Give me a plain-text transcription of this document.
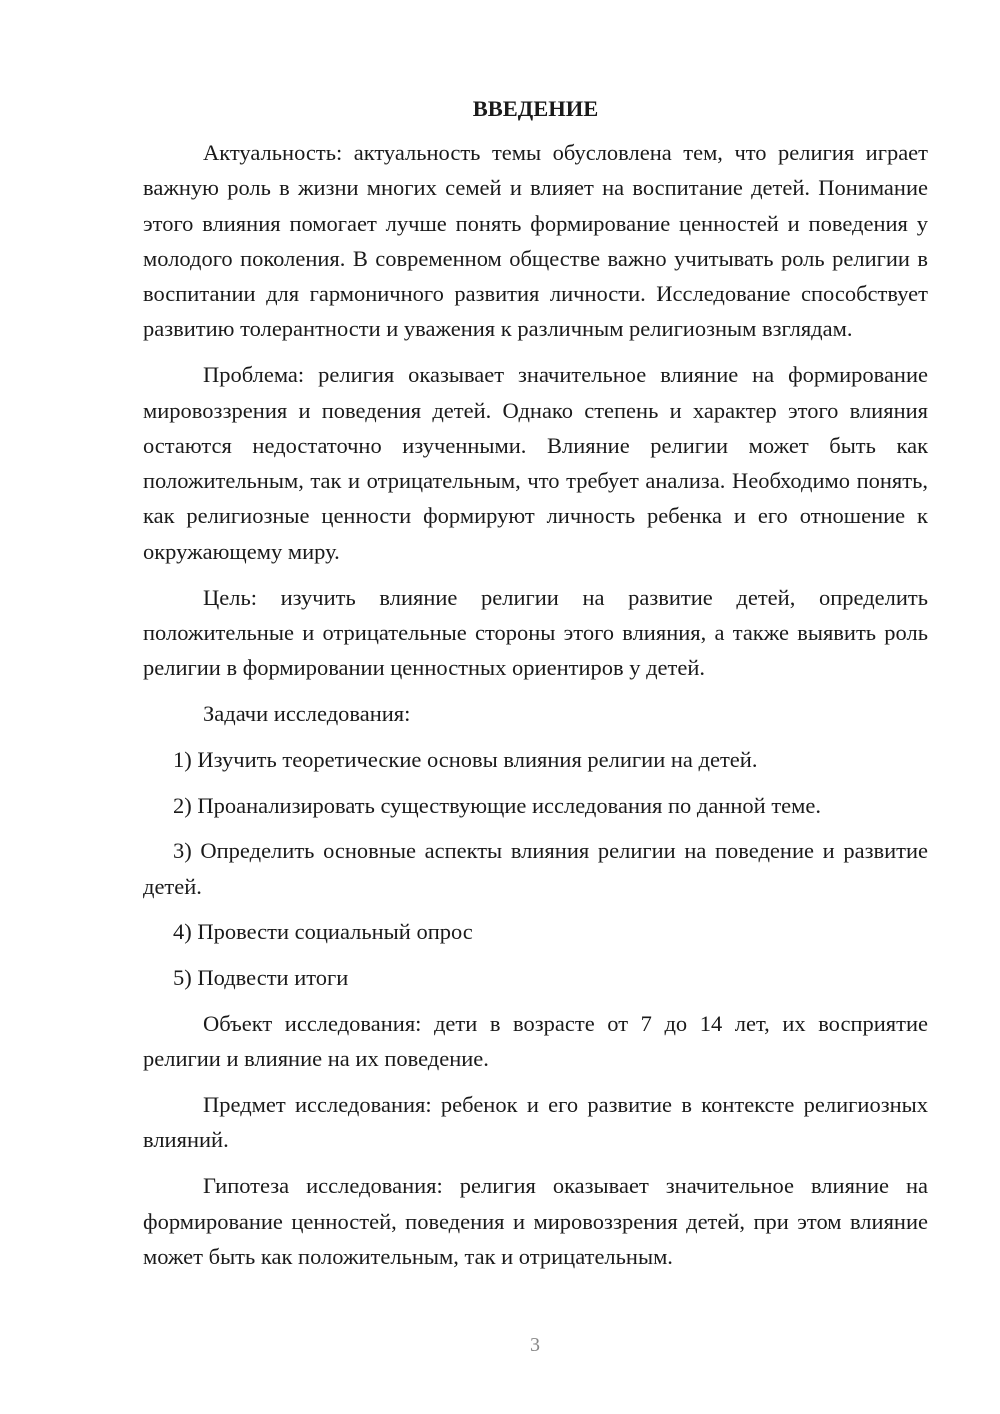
ВВЕДЕНИЕ

Актуальность: актуальность темы обусловлена тем, что религия играет важную роль в жизни многих семей и влияет на воспитание детей. Понимание этого влияния помогает лучше понять формирование ценностей и поведения у молодого поколения. В современном обществе важно учитывать роль религии в воспитании для гармоничного развития личности. Исследование способствует развитию толерантности и уважения к различным религиозным взглядам.

Проблема: религия оказывает значительное влияние на формирование мировоззрения и поведения детей. Однако степень и характер этого влияния остаются недостаточно изученными. Влияние религии может быть как положительным, так и отрицательным, что требует анализа. Необходимо понять, как религиозные ценности формируют личность ребенка и его отношение к окружающему миру.

Цель: изучить влияние религии на развитие детей, определить положительные и отрицательные стороны этого влияния, а также выявить роль религии в формировании ценностных ориентиров у детей.

Задачи исследования:

1) Изучить теоретические основы влияния религии на детей.

2) Проанализировать существующие исследования по данной теме.

3) Определить основные аспекты влияния религии на поведение и развитие детей.

4) Провести социальный опрос

5) Подвести итоги

Объект исследования: дети в возрасте от 7 до 14 лет, их восприятие религии и влияние на их поведение.

Предмет исследования: ребенок и его развитие в контексте религиозных влияний.

Гипотеза исследования: религия оказывает значительное влияние на формирование ценностей, поведения и мировоззрения детей, при этом влияние может быть как положительным, так и отрицательным.

3
